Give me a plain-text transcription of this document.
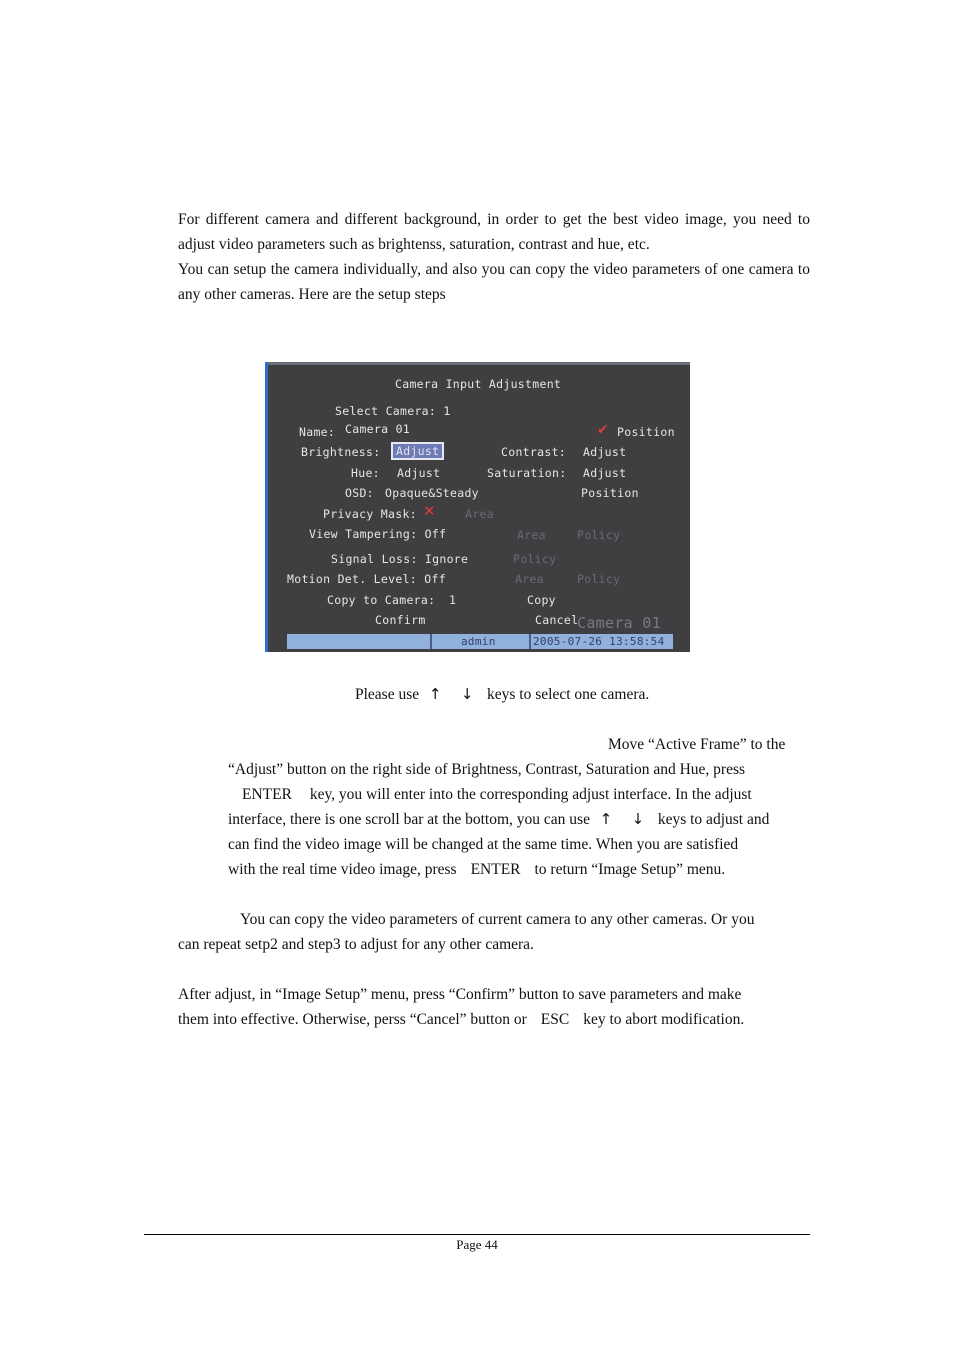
For different camera and different background, in order to get the best video image, you need to adjust video parameters such as brightenss, saturation, contrast and hue, etc.
You can setup the camera individually, and also you can copy the video parameters of one camera to any other cameras. Here are the setup steps
Camera Input Adjustment
Select Camera: 1
Name: Camera 01	✔ Position
Brightness:	Adjust	Contrast: Adjust
Hue: Adjust	Saturation: Adjust
OSD: Opaque&Steady	Position
Privacy Mask: ✕	Area
View Tampering: Off	Area	Policy
Signal Loss: Ignore	Policy
Motion Det. Level: Off	Area	Policy
Copy to Camera: 1	Copy
Confirm	Cancel
Camera 01
admin	2005-07-26 13:58:54
Please use ↑ ↓ keys to select one camera.
Move “Active Frame” to the
“Adjust” button on the right side of Brightness, Contrast, Saturation and Hue, press
ENTER key, you will enter into the corresponding adjust interface. In the adjust
interface, there is one scroll bar at the bottom, you can use ↑ ↓ keys to adjust and
can find the video image will be changed at the same time. When you are satisfied
with the real time video image, press ENTER to return “Image Setup” menu.
You can copy the video parameters of current camera to any other cameras. Or you
can repeat setp2 and step3 to adjust for any other camera.
After adjust, in “Image Setup” menu, press “Confirm” button to save parameters and make
them into effective. Otherwise, perss “Cancel” button or ESC key to abort modification.
Page 44
